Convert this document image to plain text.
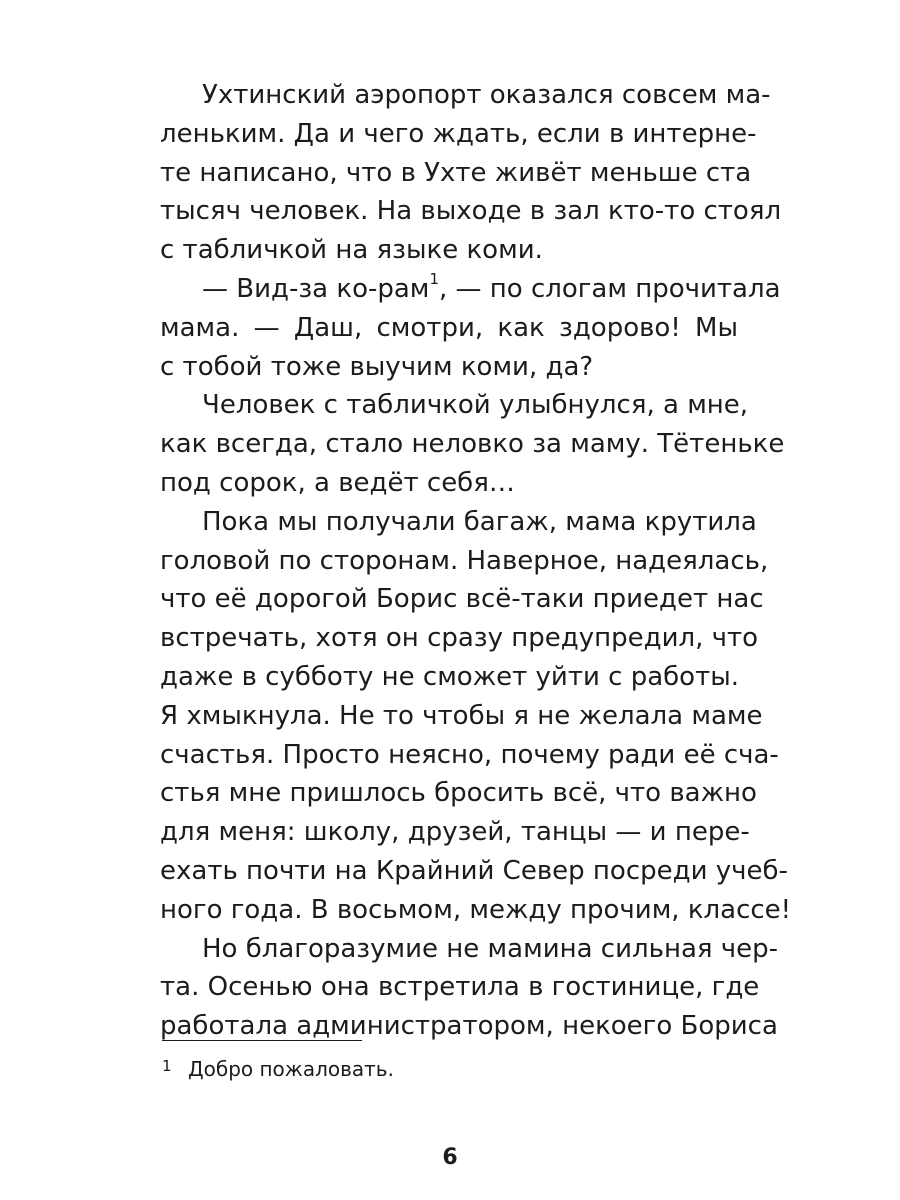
Ухтинский аэропорт оказался совсем ма-
леньким. Да и чего ждать, если в интерне-
те написано, что в Ухте живёт меньше ста
тысяч человек. На выходе в зал кто-то стоял
с табличкой на языке коми.

— Вид-за ко-рам$^1$, — по слогам прочитала
мама. — Даш, смотри, как здорово! Мы
с тобой тоже выучим коми, да?

Человек с табличкой улыбнулся, а мне,
как всегда, стало неловко за маму. Тётеньке
под сорок, а ведёт себя…

Пока мы получали багаж, мама крутила
головой по сторонам. Наверное, надеялась,
что её дорогой Борис всё-таки приедет нас
встречать, хотя он сразу предупредил, что
даже в субботу не сможет уйти с работы.
Я хмыкнула. Не то чтобы я не желала маме
счастья. Просто неясно, почему ради её сча-
стья мне пришлось бросить всё, что важно
для меня: школу, друзей, танцы — и пере-
ехать почти на Крайний Север посреди учеб-
ного года. В восьмом, между прочим, классе!

Но благоразумие не мамина сильная чер-
та. Осенью она встретила в гостинице, где
работала администратором, некоего Бориса

1 Добро пожаловать.
6
